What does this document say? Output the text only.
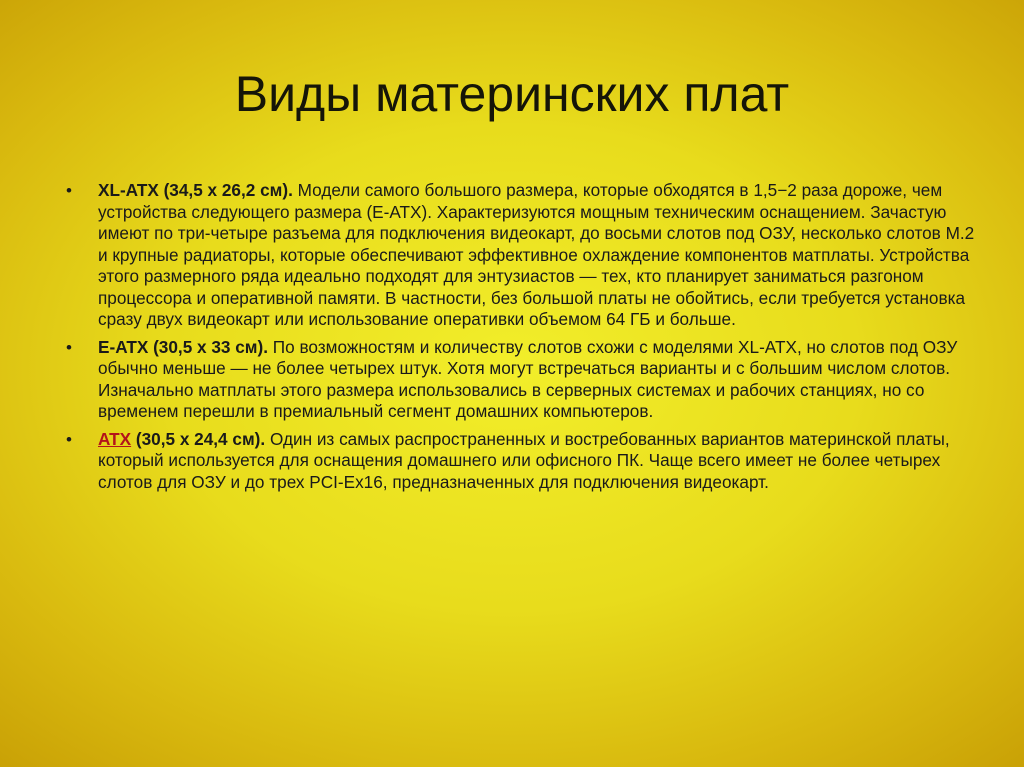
Виды материнских плат
• XL-ATX (34,5 x 26,2 см). Модели самого большого размера, которые обходятся в 1,5−2 раза дороже, чем устройства следующего размера (E-ATX). Характеризуются мощным техническим оснащением. Зачастую имеют по три-четыре разъема для подключения видеокарт, до восьми слотов под ОЗУ, несколько слотов M.2 и крупные радиаторы, которые обеспечивают эффективное охлаждение компонентов матплаты. Устройства этого размерного ряда идеально подходят для энтузиастов — тех, кто планирует заниматься разгоном процессора и оперативной памяти. В частности, без большой платы не обойтись, если требуется установка сразу двух видеокарт или использование оперативки объемом 64 ГБ и больше.
• E-ATX (30,5 x 33 см). По возможностям и количеству слотов схожи с моделями XL-ATX, но слотов под ОЗУ обычно меньше — не более четырех штук. Хотя могут встречаться варианты и с большим числом слотов. Изначально матплаты этого размера использовались в серверных системах и рабочих станциях, но со временем перешли в премиальный сегмент домашних компьютеров.
• ATX (30,5 x 24,4 см). Один из самых распространенных и востребованных вариантов материнской платы, который используется для оснащения домашнего или офисного ПК. Чаще всего имеет не более четырех слотов для ОЗУ и до трех PCI-Ex16, предназначенных для подключения видеокарт.
